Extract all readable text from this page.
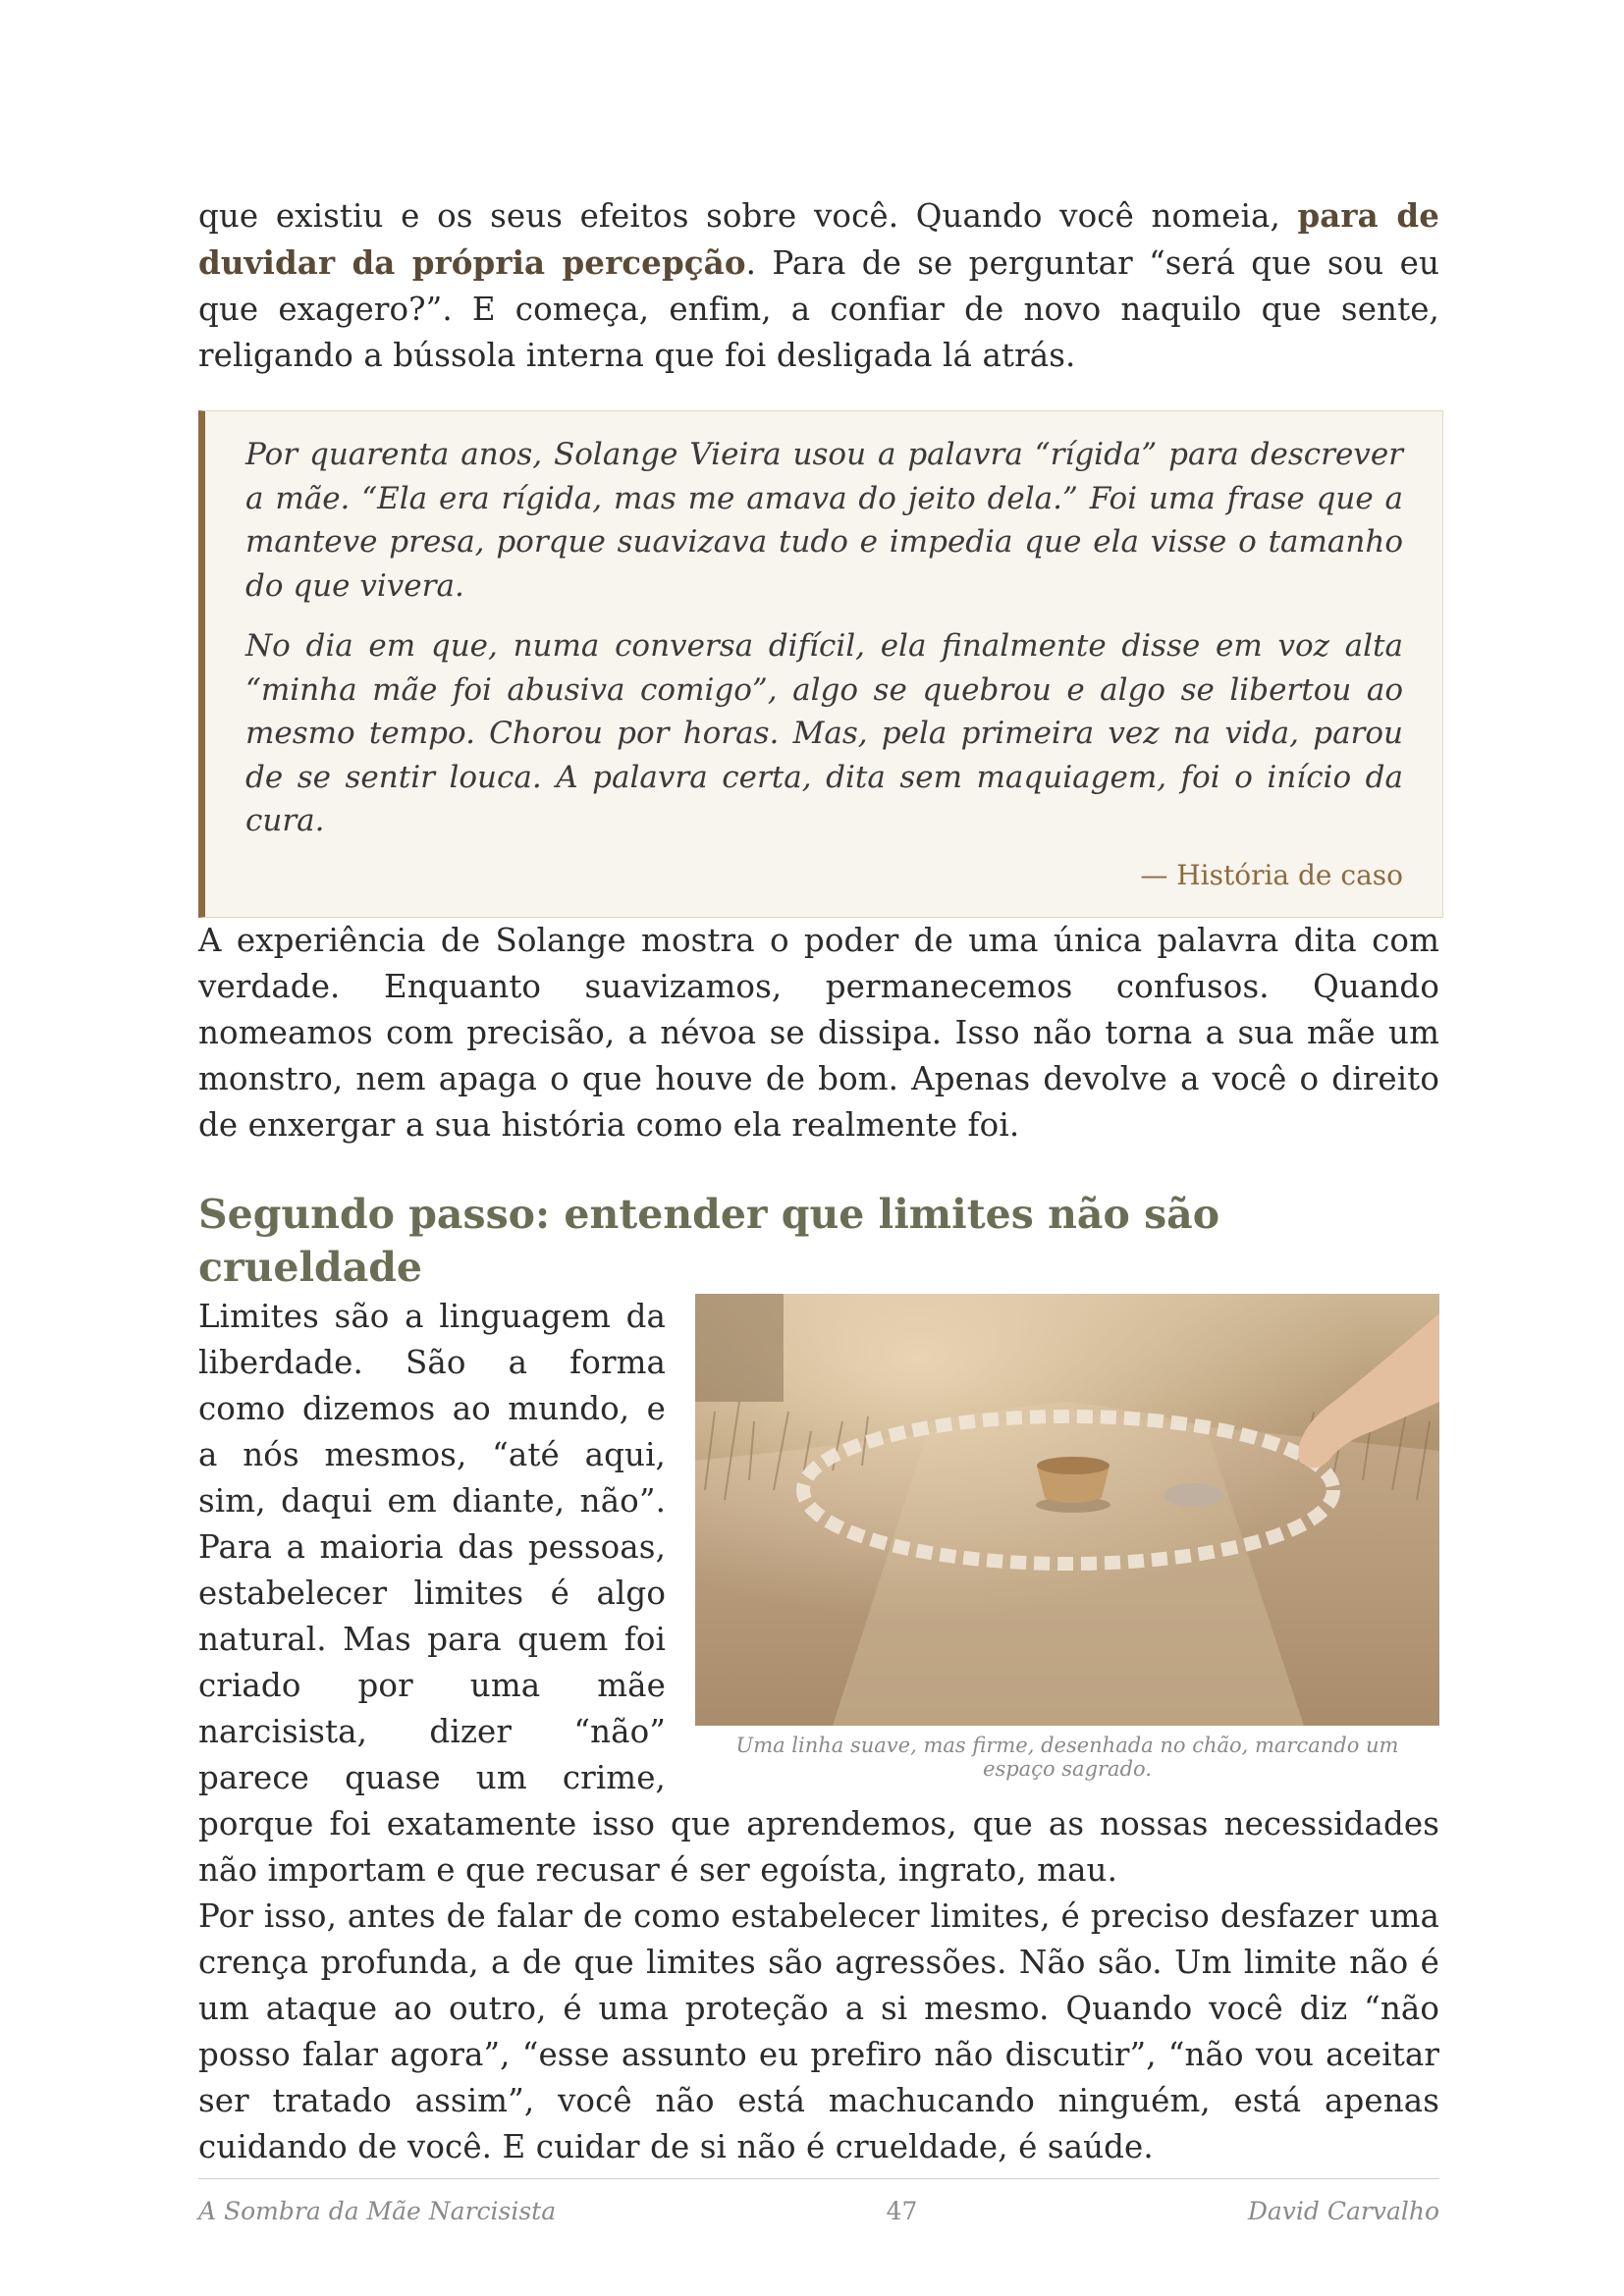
que existiu e os seus efeitos sobre você. Quando você nomeia, para de duvidar da própria percepção. Para de se perguntar “será que sou eu que exagero?”. E começa, enfim, a confiar de novo naquilo que sente, religando a bússola interna que foi desligada lá atrás.

Por quarenta anos, Solange Vieira usou a palavra “rígida” para descrever a mãe. “Ela era rígida, mas me amava do jeito dela.” Foi uma frase que a manteve presa, porque suavizava tudo e impedia que ela visse o tamanho do que vivera.

No dia em que, numa conversa difícil, ela finalmente disse em voz alta “minha mãe foi abusiva comigo”, algo se quebrou e algo se libertou ao mesmo tempo. Chorou por horas. Mas, pela primeira vez na vida, parou de se sentir louca. A palavra certa, dita sem maquiagem, foi o início da cura.

— História de caso

A experiência de Solange mostra o poder de uma única palavra dita com verdade. Enquanto suavizamos, permanecemos confusos. Quando nomeamos com precisão, a névoa se dissipa. Isso não torna a sua mãe um monstro, nem apaga o que houve de bom. Apenas devolve a você o direito de enxergar a sua história como ela realmente foi.

Segundo passo: entender que limites não são crueldade
Uma linha suave, mas firme, desenhada no chão, marcando um espaço sagrado.

Limites são a linguagem da liberdade. São a forma como dizemos ao mundo, e a nós mesmos, “até aqui, sim, daqui em diante, não”. Para a maioria das pessoas, estabelecer limites é algo natural. Mas para quem foi criado por uma mãe narcisista, dizer “não” parece quase um crime, porque foi exatamente isso que aprendemos, que as nossas necessidades não importam e que recusar é ser egoísta, ingrato, mau.

Por isso, antes de falar de como estabelecer limites, é preciso desfazer uma crença profunda, a de que limites são agressões. Não são. Um limite não é um ataque ao outro, é uma proteção a si mesmo. Quando você diz “não posso falar agora”, “esse assunto eu prefiro não discutir”, “não vou aceitar ser tratado assim”, você não está machucando ninguém, está apenas cuidando de você. E cuidar de si não é crueldade, é saúde.

A Sombra da Mãe Narcisista	47	David Carvalho
